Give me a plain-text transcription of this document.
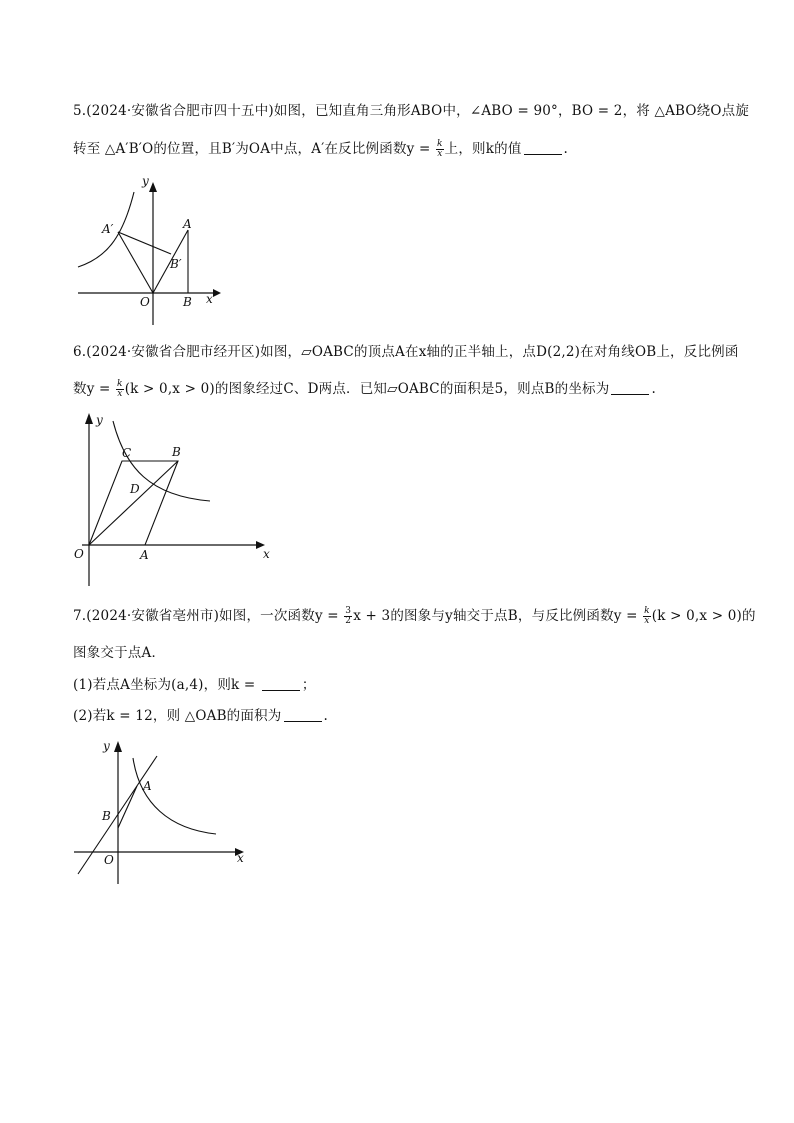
5.(2024·安徽省合肥市四十五中)如图，已知直角三角形ABO中，∠ABO = 90°，BO = 2，将 △ABO绕O点旋
转至 △A′B′O的位置，且B′为OA中点，A′在反比例函数$y = \frac{k}{x}$ 上，则k的值	.
y
A′	A
B′
O	B x
6.(2024·安徽省合肥市经开区)如图，▱OABC的顶点A在x轴的正半轴上，点D(2,2)在对角线OB上，反比例函
数$y = \frac{k}{x} (k > 0,x > 0)$的图象经过C、D两点．已知▱OABC的面积是5，则点B的坐标为	.
y
C	B
D
O	A	x
7.(2024·安徽省亳州市)如图，一次函数$y = \frac{3}{2}$ x + 3的图象与y轴交于点B，与反比例函数$y = \frac{k}{x} (k > 0,x > 0)$的
图象交于点A．
(1)若点A坐标为(a,4)，则k =	；
(2)若k = 12，则 △OAB的面积为	.
y
A
B
O	x
